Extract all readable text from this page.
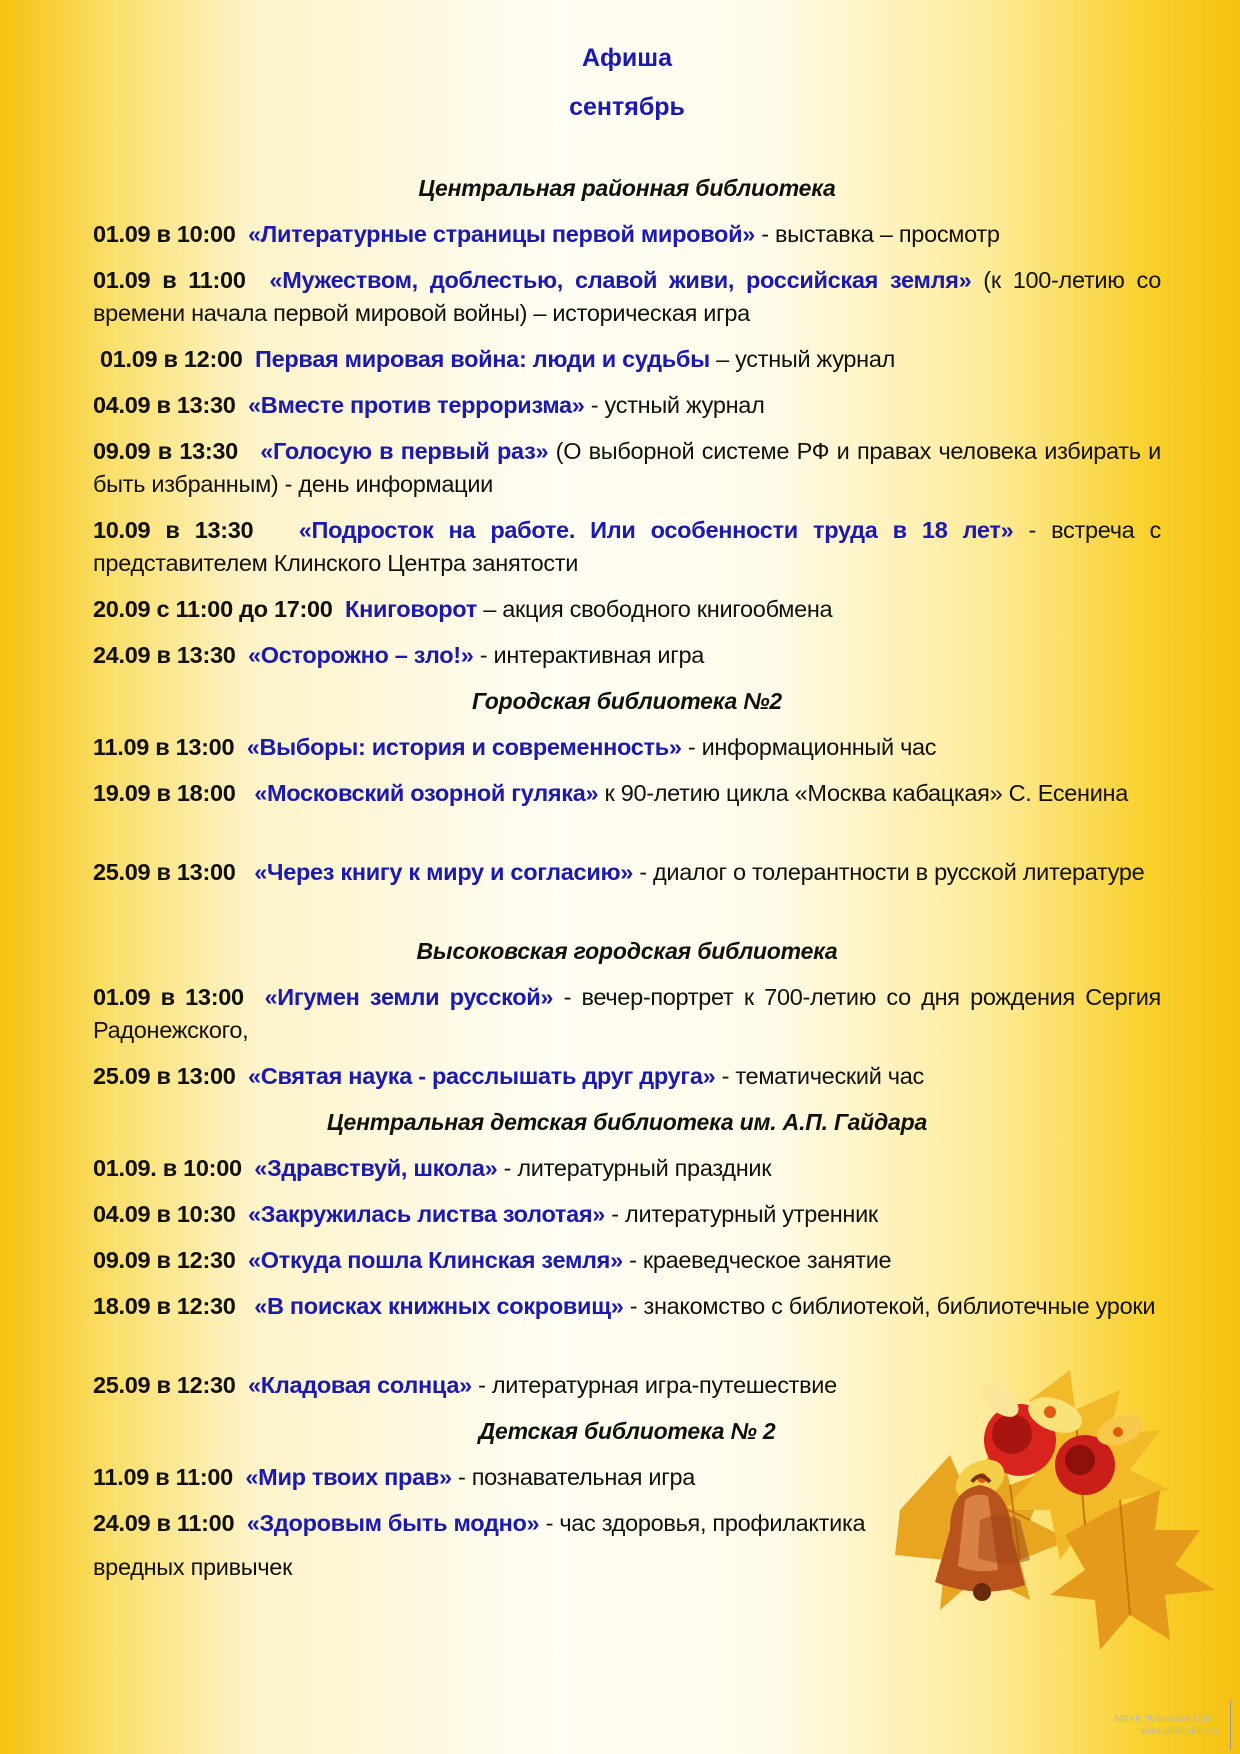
Афиша
сентябрь
Центральная районная библиотека

01.09 в 10:00 «Литературные страницы первой мировой» - выставка – просмотр

01.09 в 11:00 «Мужеством, доблестью, славой живи, российская земля» (к 100-летию со времени начала первой мировой войны) – историческая игра

01.09 в 12:00 Первая мировая война: люди и судьбы – устный журнал

04.09 в 13:30 «Вместе против терроризма» - устный журнал

09.09 в 13:30 «Голосую в первый раз» (О выборной системе РФ и правах человека избирать и быть избранным) - день информации

10.09 в 13:30 «Подросток на работе. Или особенности труда в 18 лет» - встреча с представителем Клинского Центра занятости

20.09 с 11:00 до 17:00 Книговорот – акция свободного книгообмена

24.09 в 13:30 «Осторожно – зло!» - интерактивная игра

Городская библиотека №2

11.09 в 13:00 «Выборы: история и современность» - информационный час

19.09 в 18:00 «Московский озорной гуляка» к 90-летию цикла «Москва кабацкая» С. Есенина

25.09 в 13:00 «Через книгу к миру и согласию» - диалог о толерантности в русской литературе

Высоковская городская библиотека

01.09 в 13:00 «Игумен земли русской» - вечер-портрет к 700-летию со дня рождения Сергия Радонежского,

25.09 в 13:00 «Святая наука - расслышать друг друга» - тематический час

Центральная детская библиотека им. А.П. Гайдара

01.09. в 10:00 «Здравствуй, школа» - литературный праздник

04.09 в 10:30 «Закружилась листва золотая» - литературный утренник

09.09 в 12:30 «Откуда пошла Клинская земля» - краеведческое занятие

18.09 в 12:30 «В поисках книжных сокровищ» - знакомство с библиотекой, библиотечные уроки

25.09 в 12:30 «Кладовая солнца» - литературная игра-путешествие

Детская библиотека № 2

11.09 в 11:00 «Мир твоих прав» - познавательная игра

24.09 в 11:00 «Здоровым быть модно» - час здоровья, профилактика

вредных привычек

МБУК "Клинская ЦБС"
www.biblio-klin.ru
